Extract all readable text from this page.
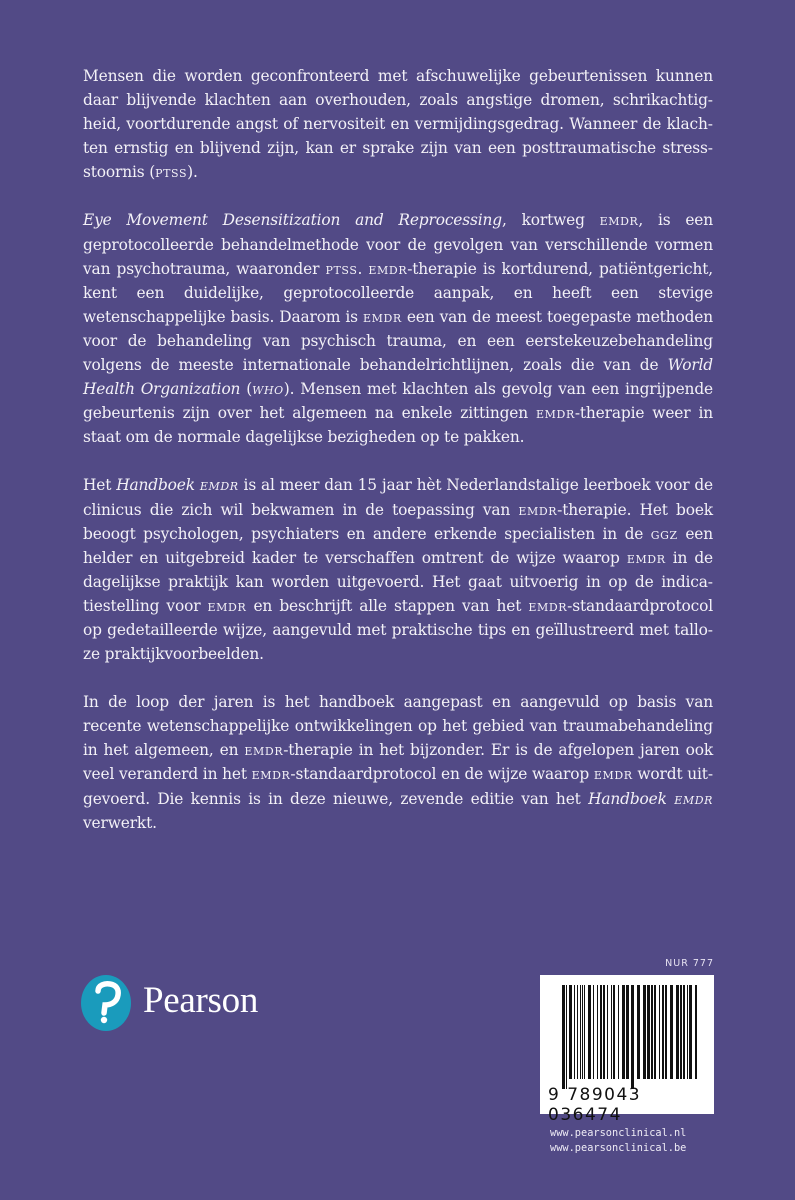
Mensen die worden geconfronteerd met afschuwelijke gebeurtenissen kunnen daar blijvende klachten aan overhouden, zoals angstige dromen, schrikachtigheid, voortdurende angst of nervositeit en vermijdingsgedrag. Wanneer de klachten ernstig en blijvend zijn, kan er sprake zijn van een posttraumatische stressstoornis (ptss).

Eye Movement Desensitization and Reprocessing, kortweg emdr, is een geprotocolleerde behandelmethode voor de gevolgen van verschillende vormen van psychotrauma, waaronder ptss. emdr-therapie is kortdurend, patiëntgericht, kent een duidelijke, geprotocolleerde aanpak, en heeft een stevige wetenschappelijke basis. Daarom is emdr een van de meest toegepaste methoden voor de behandeling van psychisch trauma, en een eerstekeuzebehandeling volgens de meeste internationale behandelrichtlijnen, zoals die van de World Health Organization (who). Mensen met klachten als gevolg van een ingrijpende gebeurtenis zijn over het algemeen na enkele zittingen emdr-therapie weer in staat om de normale dagelijkse bezigheden op te pakken.

Het Handboek emdr is al meer dan 15 jaar hèt Nederlandstalige leerboek voor de clinicus die zich wil bekwamen in de toepassing van emdr-therapie. Het boek beoogt psychologen, psychiaters en andere erkende specialisten in de ggz een helder en uitgebreid kader te verschaffen omtrent de wijze waarop emdr in de dagelijkse praktijk kan worden uitgevoerd. Het gaat uitvoerig in op de indicatiestelling voor emdr en beschrijft alle stappen van het emdr-standaardprotocol op gedetailleerde wijze, aangevuld met praktische tips en geïllustreerd met talloze praktijkvoorbeelden.

In de loop der jaren is het handboek aangepast en aangevuld op basis van recente wetenschappelijke ontwikkelingen op het gebied van traumabehandeling in het algemeen, en emdr-therapie in het bijzonder. Er is de afgelopen jaren ook veel veranderd in het emdr-standaardprotocol en de wijze waarop emdr wordt uitgevoerd. Die kennis is in deze nieuwe, zevende editie van het Handboek emdr verwerkt.

Pearson
NUR 777
9 789043 036474
www.pearsonclinical.nl
www.pearsonclinical.be
